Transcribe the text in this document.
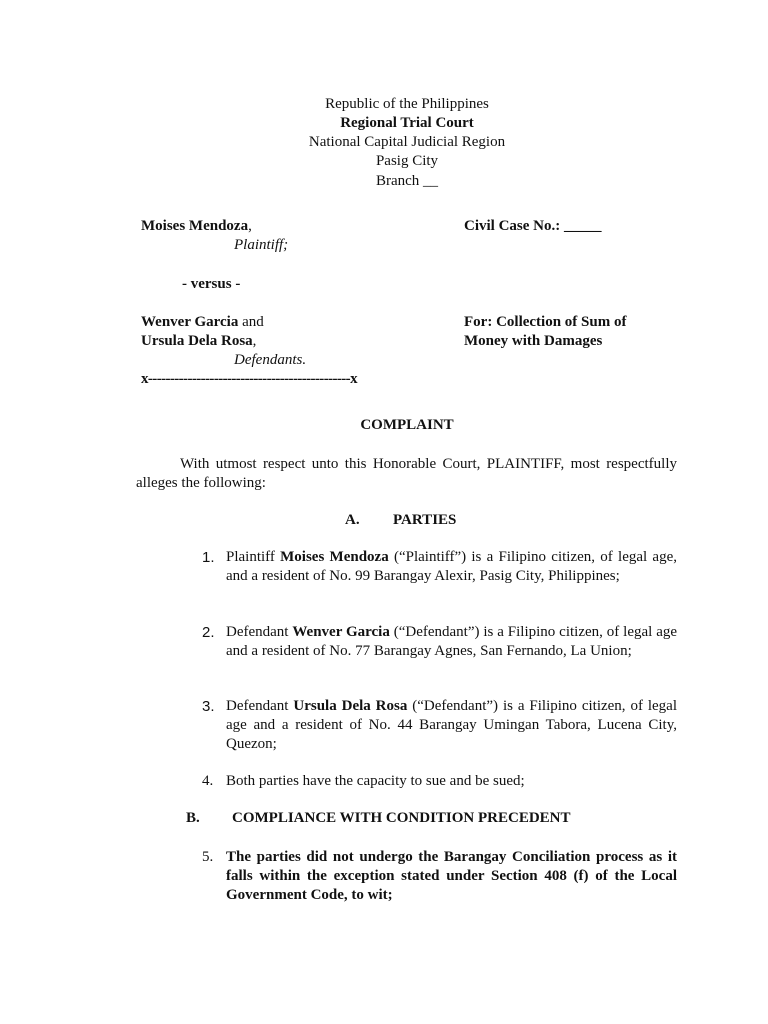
Republic of the Philippines
Regional Trial Court
National Capital Judicial Region
Pasig City
Branch __
Moises Mendoza,
Plaintiff;
- versus -
Wenver Garcia and
Ursula Dela Rosa,
Defendants.
x----------------------------------------------x
Civil Case No.: _____
For: Collection of Sum of
Money with Damages
COMPLAINT
With utmost respect unto this Honorable Court, PLAINTIFF, most respectfully alleges the following:
A. PARTIES
1. Plaintiff Moises Mendoza (“Plaintiff”) is a Filipino citizen, of legal age, and a resident of No. 99 Barangay Alexir, Pasig City, Philippines;
2. Defendant Wenver Garcia (“Defendant”) is a Filipino citizen, of legal age and a resident of No. 77 Barangay Agnes, San Fernando, La Union;
3. Defendant Ursula Dela Rosa (“Defendant”) is a Filipino citizen, of legal age and a resident of No. 44 Barangay Umingan Tabora, Lucena City, Quezon;
4. Both parties have the capacity to sue and be sued;
B. COMPLIANCE WITH CONDITION PRECEDENT
5. The parties did not undergo the Barangay Conciliation process as it falls within the exception stated under Section 408 (f) of the Local Government Code, to wit;
